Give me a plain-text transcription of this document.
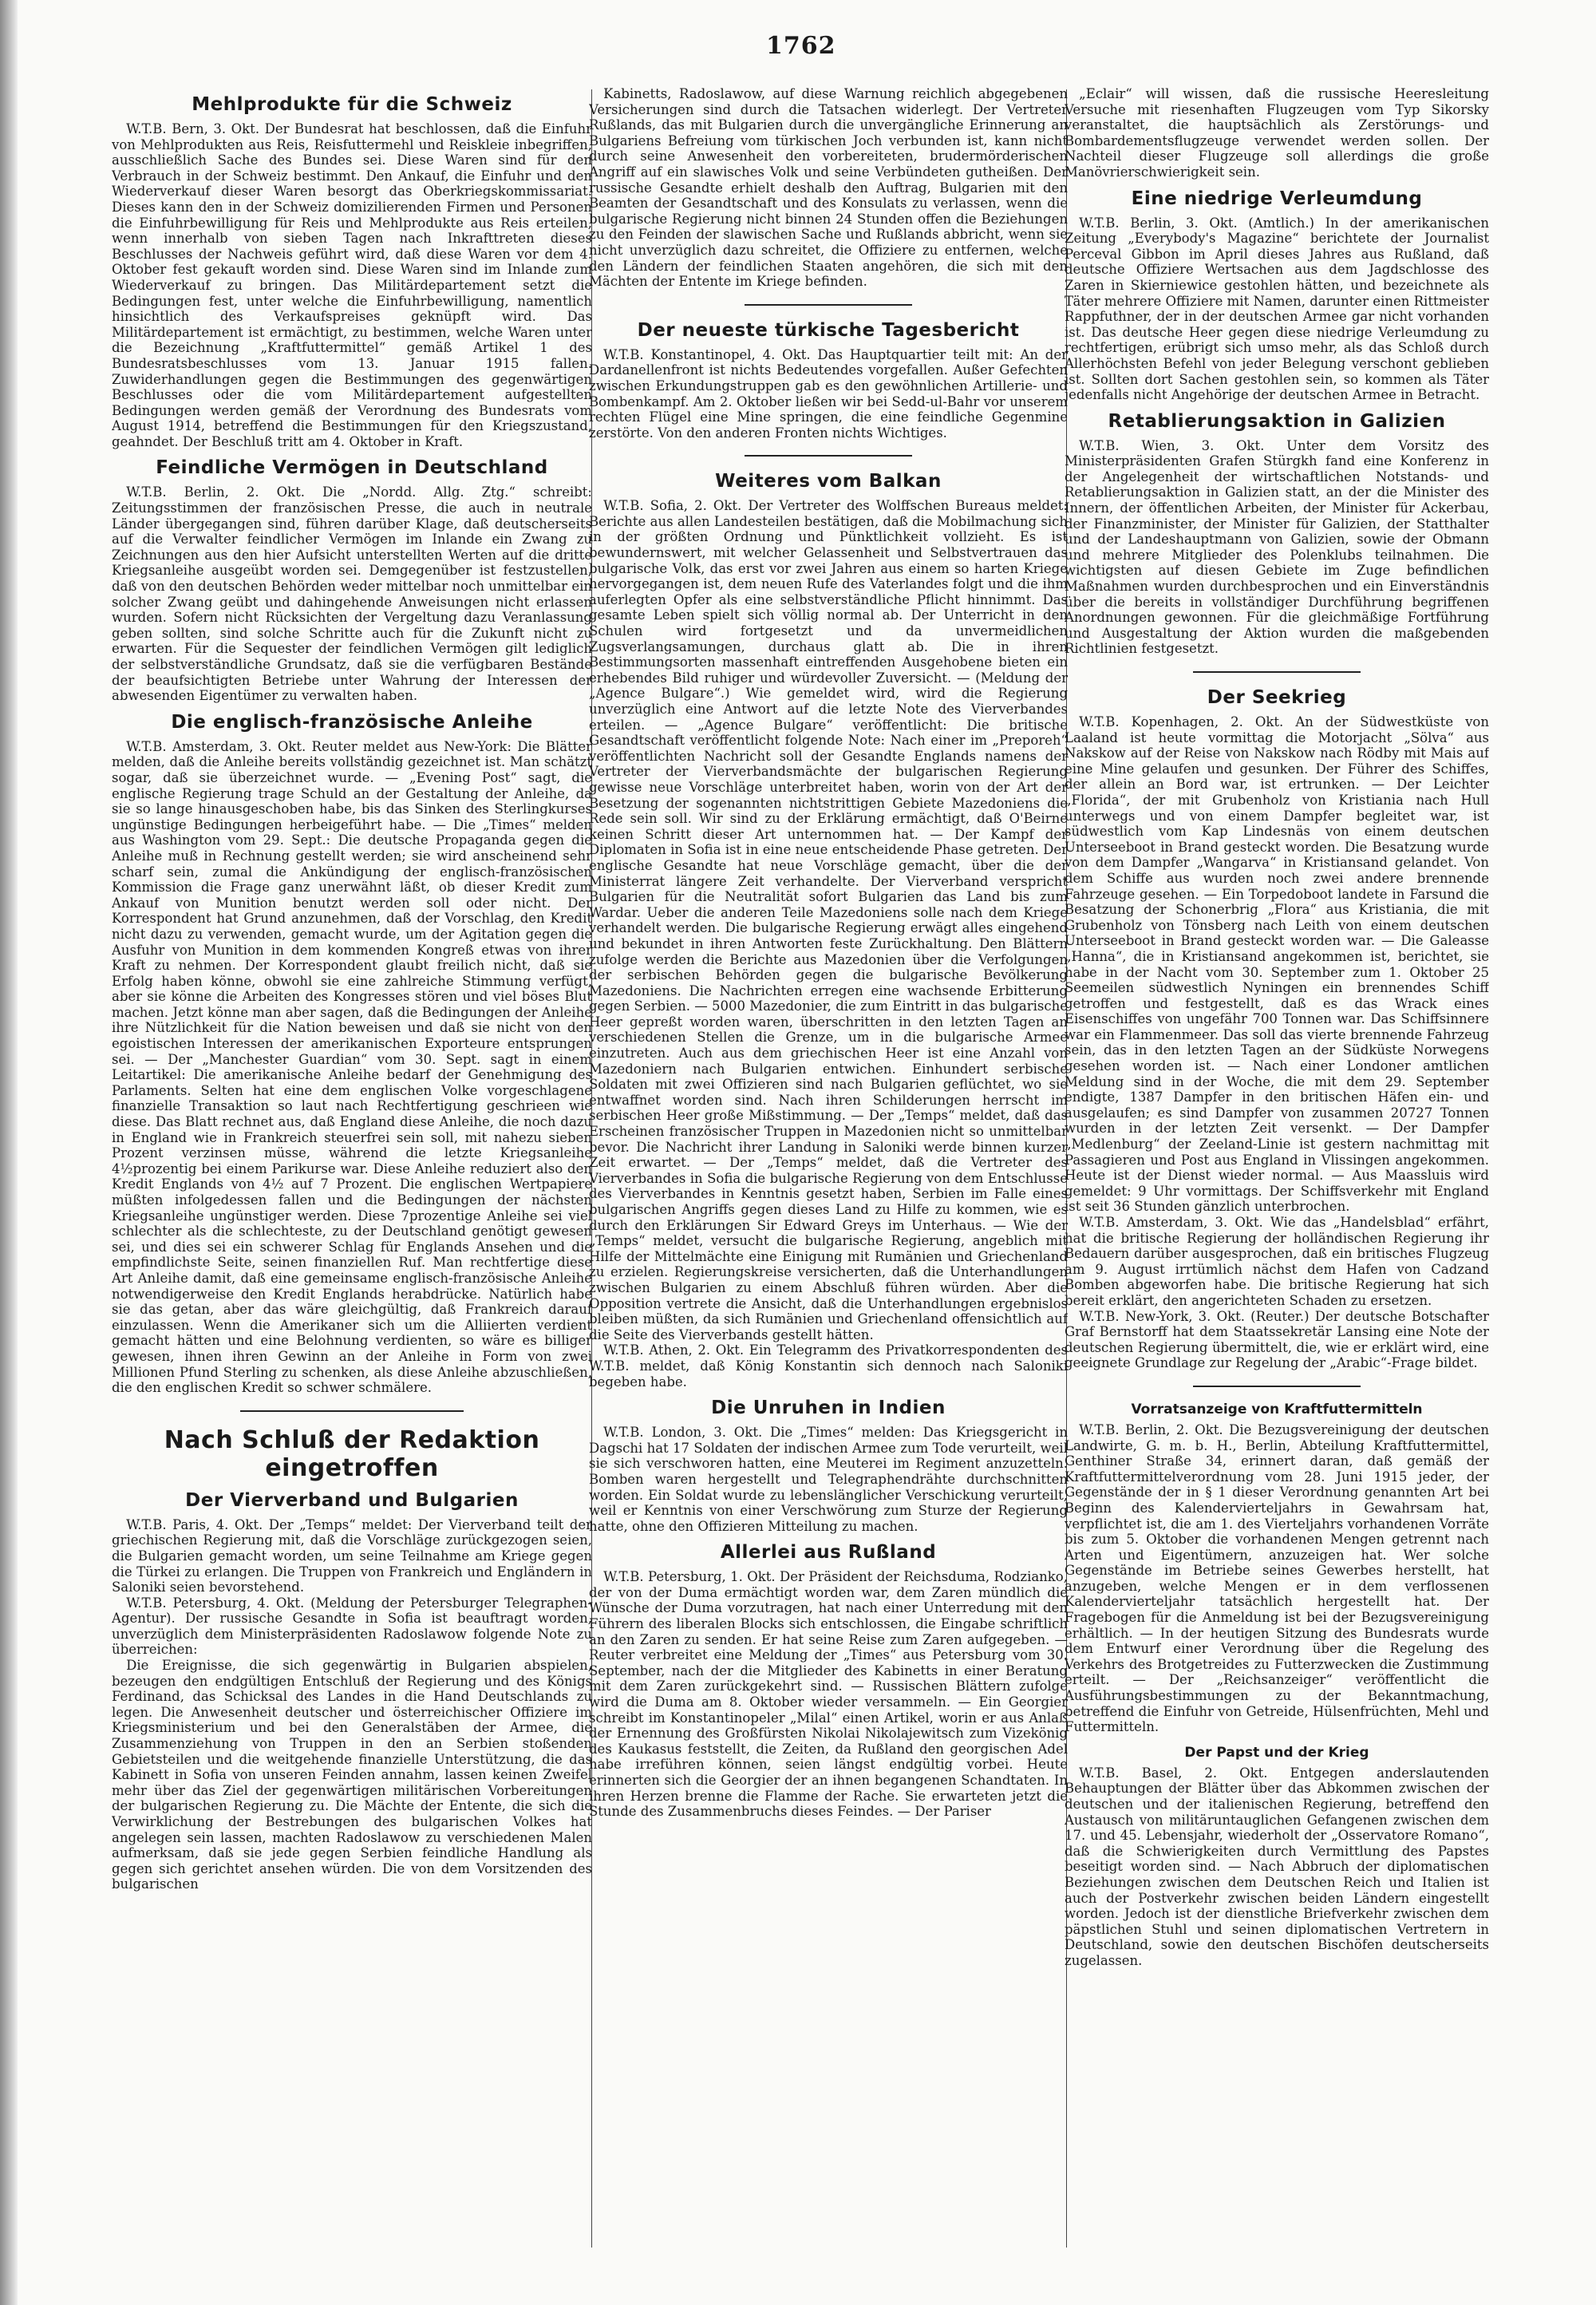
1762
Mehlprodukte für die Schweiz

W.T.B. Bern, 3. Okt. Der Bundesrat hat beschlossen, daß die Einfuhr von Mehlprodukten aus Reis, Reisfuttermehl und Reiskleie inbegriffen, ausschließlich Sache des Bundes sei. Diese Waren sind für den Verbrauch in der Schweiz bestimmt. Den Ankauf, die Einfuhr und den Wiederverkauf dieser Waren besorgt das Oberkriegskommissariat. Dieses kann den in der Schweiz domizilierenden Firmen und Personen die Einfuhrbewilligung für Reis und Mehlprodukte aus Reis erteilen, wenn innerhalb von sieben Tagen nach Inkrafttreten dieses Beschlusses der Nachweis geführt wird, daß diese Waren vor dem 4. Oktober fest gekauft worden sind. Diese Waren sind im Inlande zum Wiederverkauf zu bringen. Das Militärdepartement setzt die Bedingungen fest, unter welche die Einfuhrbewilligung, namentlich hinsichtlich des Verkaufspreises geknüpft wird. Das Militärdepartement ist ermächtigt, zu bestimmen, welche Waren unter die Bezeichnung „Kraftfuttermittel“ gemäß Artikel 1 des Bundesratsbeschlusses vom 13. Januar 1915 fallen. Zuwiderhandlungen gegen die Bestimmungen des gegenwärtigen Beschlusses oder die vom Militärdepartement aufgestellten Bedingungen werden gemäß der Verordnung des Bundesrats vom August 1914, betreffend die Bestimmungen für den Kriegszustand, geahndet. Der Beschluß tritt am 4. Oktober in Kraft.

Feindliche Vermögen in Deutschland

W.T.B. Berlin, 2. Okt. Die „Nordd. Allg. Ztg.“ schreibt: Zeitungsstimmen der französischen Presse, die auch in neutrale Länder übergegangen sind, führen darüber Klage, daß deutscherseits auf die Verwalter feindlicher Vermögen im Inlande ein Zwang zu Zeichnungen aus den hier Aufsicht unterstellten Werten auf die dritte Kriegsanleihe ausgeübt worden sei. Demgegenüber ist festzustellen, daß von den deutschen Behörden weder mittelbar noch unmittelbar ein solcher Zwang geübt und dahingehende Anweisungen nicht erlassen wurden. Sofern nicht Rücksichten der Vergeltung dazu Veranlassung geben sollten, sind solche Schritte auch für die Zukunft nicht zu erwarten. Für die Sequester der feindlichen Vermögen gilt lediglich der selbstverständliche Grundsatz, daß sie die verfügbaren Bestände der beaufsichtigten Betriebe unter Wahrung der Interessen der abwesenden Eigentümer zu verwalten haben.

Die englisch-französische Anleihe

W.T.B. Amsterdam, 3. Okt. Reuter meldet aus New-York: Die Blätter melden, daß die Anleihe bereits vollständig gezeichnet ist. Man schätzt sogar, daß sie überzeichnet wurde. — „Evening Post“ sagt, die englische Regierung trage Schuld an der Gestaltung der Anleihe, da sie so lange hinausgeschoben habe, bis das Sinken des Sterlingkurses ungünstige Bedingungen herbeigeführt habe. — Die „Times“ melden aus Washington vom 29. Sept.: Die deutsche Propaganda gegen die Anleihe muß in Rechnung gestellt werden; sie wird anscheinend sehr scharf sein, zumal die Ankündigung der englisch-französischen Kommission die Frage ganz unerwähnt läßt, ob dieser Kredit zum Ankauf von Munition benutzt werden soll oder nicht. Der Korrespondent hat Grund anzunehmen, daß der Vorschlag, den Kredit nicht dazu zu verwenden, gemacht wurde, um der Agitation gegen die Ausfuhr von Munition in dem kommenden Kongreß etwas von ihrer Kraft zu nehmen. Der Korrespondent glaubt freilich nicht, daß sie Erfolg haben könne, obwohl sie eine zahlreiche Stimmung verfügt, aber sie könne die Arbeiten des Kongresses stören und viel böses Blut machen. Jetzt könne man aber sagen, daß die Bedingungen der Anleihe ihre Nützlichkeit für die Nation beweisen und daß sie nicht von den egoistischen Interessen der amerikanischen Exporteure entsprungen sei. — Der „Manchester Guardian“ vom 30. Sept. sagt in einem Leitartikel: Die amerikanische Anleihe bedarf der Genehmigung des Parlaments. Selten hat eine dem englischen Volke vorgeschlagene finanzielle Transaktion so laut nach Rechtfertigung geschrieen wie diese. Das Blatt rechnet aus, daß England diese Anleihe, die noch dazu in England wie in Frankreich steuerfrei sein soll, mit nahezu sieben Prozent verzinsen müsse, während die letzte Kriegsanleihe 4½prozentig bei einem Parikurse war. Diese Anleihe reduziert also den Kredit Englands von 4½ auf 7 Prozent. Die englischen Wertpapiere müßten infolgedessen fallen und die Bedingungen der nächsten Kriegsanleihe ungünstiger werden. Diese 7prozentige Anleihe sei viel schlechter als die schlechteste, zu der Deutschland genötigt gewesen sei, und dies sei ein schwerer Schlag für Englands Ansehen und die empfindlichste Seite, seinen finanziellen Ruf. Man rechtfertige diese Art Anleihe damit, daß eine gemeinsame englisch-französische Anleihe notwendigerweise den Kredit Englands herabdrücke. Natürlich habe sie das getan, aber das wäre gleichgültig, daß Frankreich darauf einzulassen. Wenn die Amerikaner sich um die Alliierten verdient gemacht hätten und eine Belohnung verdienten, so wäre es billiger gewesen, ihnen ihren Gewinn an der Anleihe in Form von zwei Millionen Pfund Sterling zu schenken, als diese Anleihe abzuschließen, die den englischen Kredit so schwer schmälere.

Nach Schluß der Redaktion eingetroffen
Der Vierverband und Bulgarien

W.T.B. Paris, 4. Okt. Der „Temps“ meldet: Der Vierverband teilt der griechischen Regierung mit, daß die Vorschläge zurückgezogen seien, die Bulgarien gemacht worden, um seine Teilnahme am Kriege gegen die Türkei zu erlangen. Die Truppen von Frankreich und Engländern in Saloniki seien bevorstehend.

W.T.B. Petersburg, 4. Okt. (Meldung der Petersburger Telegraphen-Agentur). Der russische Gesandte in Sofia ist beauftragt worden, unverzüglich dem Ministerpräsidenten Radoslawow folgende Note zu überreichen:

Die Ereignisse, die sich gegenwärtig in Bulgarien abspielen, bezeugen den endgültigen Entschluß der Regierung und des Königs Ferdinand, das Schicksal des Landes in die Hand Deutschlands zu legen. Die Anwesenheit deutscher und österreichischer Offiziere im Kriegsministerium und bei den Generalstäben der Armee, die Zusammenziehung von Truppen in den an Serbien stoßenden Gebietsteilen und die weitgehende finanzielle Unterstützung, die das Kabinett in Sofia von unseren Feinden annahm, lassen keinen Zweifel mehr über das Ziel der gegenwärtigen militärischen Vorbereitungen der bulgarischen Regierung zu. Die Mächte der Entente, die sich die Verwirklichung der Bestrebungen des bulgarischen Volkes hat angelegen sein lassen, machten Radoslawow zu verschiedenen Malen aufmerksam, daß sie jede gegen Serbien feindliche Handlung als gegen sich gerichtet ansehen würden. Die von dem Vorsitzenden des bulgarischen

Kabinetts, Radoslawow, auf diese Warnung reichlich abgegebenen Versicherungen sind durch die Tatsachen widerlegt. Der Vertreter Rußlands, das mit Bulgarien durch die unvergängliche Erinnerung an Bulgariens Befreiung vom türkischen Joch verbunden ist, kann nicht durch seine Anwesenheit den vorbereiteten, brudermörderischen Angriff auf ein slawisches Volk und seine Verbündeten gutheißen. Der russische Gesandte erhielt deshalb den Auftrag, Bulgarien mit den Beamten der Gesandtschaft und des Konsulats zu verlassen, wenn die bulgarische Regierung nicht binnen 24 Stunden offen die Beziehungen zu den Feinden der slawischen Sache und Rußlands abbricht, wenn sie nicht unverzüglich dazu schreitet, die Offiziere zu entfernen, welche den Ländern der feindlichen Staaten angehören, die sich mit den Mächten der Entente im Kriege befinden.

Der neueste türkische Tagesbericht

W.T.B. Konstantinopel, 4. Okt. Das Hauptquartier teilt mit: An der Dardanellenfront ist nichts Bedeutendes vorgefallen. Außer Gefechten zwischen Erkundungstruppen gab es den gewöhnlichen Artillerie- und Bombenkampf. Am 2. Oktober ließen wir bei Sedd-ul-Bahr vor unserem rechten Flügel eine Mine springen, die eine feindliche Gegenmine zerstörte. Von den anderen Fronten nichts Wichtiges.

Weiteres vom Balkan

W.T.B. Sofia, 2. Okt. Der Vertreter des Wolffschen Bureaus meldet: Berichte aus allen Landesteilen bestätigen, daß die Mobilmachung sich in der größten Ordnung und Pünktlichkeit vollzieht. Es ist bewundernswert, mit welcher Gelassenheit und Selbstvertrauen das bulgarische Volk, das erst vor zwei Jahren aus einem so harten Kriege hervorgegangen ist, dem neuen Rufe des Vaterlandes folgt und die ihm auferlegten Opfer als eine selbstverständliche Pflicht hinnimmt. Das gesamte Leben spielt sich völlig normal ab. Der Unterricht in den Schulen wird fortgesetzt und da unvermeidlichen Zugsverlangsamungen, durchaus glatt ab. Die in ihren Bestimmungsorten massenhaft eintreffenden Ausgehobene bieten ein erhebendes Bild ruhiger und würdevoller Zuversicht. — (Meldung der „Agence Bulgare“.) Wie gemeldet wird, wird die Regierung unverzüglich eine Antwort auf die letzte Note des Vierverbandes erteilen. — „Agence Bulgare“ veröffentlicht: Die britische Gesandtschaft veröffentlicht folgende Note: Nach einer im „Preporeh“ veröffentlichten Nachricht soll der Gesandte Englands namens der Vertreter der Vierverbandsmächte der bulgarischen Regierung gewisse neue Vorschläge unterbreitet haben, worin von der Art der Besetzung der sogenannten nichtstrittigen Gebiete Mazedoniens die Rede sein soll. Wir sind zu der Erklärung ermächtigt, daß O'Beirne keinen Schritt dieser Art unternommen hat. — Der Kampf der Diplomaten in Sofia ist in eine neue entscheidende Phase getreten. Der englische Gesandte hat neue Vorschläge gemacht, über die der Ministerrat längere Zeit verhandelte. Der Vierverband verspricht Bulgarien für die Neutralität sofort Bulgarien das Land bis zum Wardar. Ueber die anderen Teile Mazedoniens solle nach dem Kriege verhandelt werden. Die bulgarische Regierung erwägt alles eingehend und bekundet in ihren Antworten feste Zurückhaltung. Den Blättern zufolge werden die Berichte aus Mazedonien über die Verfolgungen der serbischen Behörden gegen die bulgarische Bevölkerung Mazedoniens. Die Nachrichten erregen eine wachsende Erbitterung gegen Serbien. — 5000 Mazedonier, die zum Eintritt in das bulgarische Heer gepreßt worden waren, überschritten in den letzten Tagen an verschiedenen Stellen die Grenze, um in die bulgarische Armee einzutreten. Auch aus dem griechischen Heer ist eine Anzahl von Mazedoniern nach Bulgarien entwichen. Einhundert serbische Soldaten mit zwei Offizieren sind nach Bulgarien geflüchtet, wo sie entwaffnet worden sind. Nach ihren Schilderungen herrscht im serbischen Heer große Mißstimmung. — Der „Temps“ meldet, daß das Erscheinen französischer Truppen in Mazedonien nicht so unmittelbar bevor. Die Nachricht ihrer Landung in Saloniki werde binnen kurzer Zeit erwartet. — Der „Temps“ meldet, daß die Vertreter des Vierverbandes in Sofia die bulgarische Regierung von dem Entschlusse des Vierverbandes in Kenntnis gesetzt haben, Serbien im Falle eines bulgarischen Angriffs gegen dieses Land zu Hilfe zu kommen, wie es durch den Erklärungen Sir Edward Greys im Unterhaus. — Wie der „Temps“ meldet, versucht die bulgarische Regierung, angeblich mit Hilfe der Mittelmächte eine Einigung mit Rumänien und Griechenland zu erzielen. Regierungskreise versicherten, daß die Unterhandlungen zwischen Bulgarien zu einem Abschluß führen würden. Aber die Opposition vertrete die Ansicht, daß die Unterhandlungen ergebnislos bleiben müßten, da sich Rumänien und Griechenland offensichtlich auf die Seite des Vierverbands gestellt hätten.

W.T.B. Athen, 2. Okt. Ein Telegramm des Privatkorrespondenten des W.T.B. meldet, daß König Konstantin sich dennoch nach Saloniki begeben habe.

Die Unruhen in Indien

W.T.B. London, 3. Okt. Die „Times“ melden: Das Kriegsgericht in Dagschi hat 17 Soldaten der indischen Armee zum Tode verurteilt, weil sie sich verschworen hatten, eine Meuterei im Regiment anzuzetteln. Bomben waren hergestellt und Telegraphendrähte durchschnitten worden. Ein Soldat wurde zu lebenslänglicher Verschickung verurteilt, weil er Kenntnis von einer Verschwörung zum Sturze der Regierung hatte, ohne den Offizieren Mitteilung zu machen.

Allerlei aus Rußland

W.T.B. Petersburg, 1. Okt. Der Präsident der Reichsduma, Rodzianko, der von der Duma ermächtigt worden war, dem Zaren mündlich die Wünsche der Duma vorzutragen, hat nach einer Unterredung mit den Führern des liberalen Blocks sich entschlossen, die Eingabe schriftlich an den Zaren zu senden. Er hat seine Reise zum Zaren aufgegeben. — Reuter verbreitet eine Meldung der „Times“ aus Petersburg vom 30. September, nach der die Mitglieder des Kabinetts in einer Beratung mit dem Zaren zurückgekehrt sind. — Russischen Blättern zufolge wird die Duma am 8. Oktober wieder versammeln. — Ein Georgier schreibt im Konstantinopeler „Milal“ einen Artikel, worin er aus Anlaß der Ernennung des Großfürsten Nikolai Nikolajewitsch zum Vizekönig des Kaukasus feststellt, die Zeiten, da Rußland den georgischen Adel habe irreführen können, seien längst endgültig vorbei. Heute erinnerten sich die Georgier der an ihnen begangenen Schandtaten. In ihren Herzen brenne die Flamme der Rache. Sie erwarteten jetzt die Stunde des Zusammenbruchs dieses Feindes. — Der Pariser

„Eclair“ will wissen, daß die russische Heeresleitung Versuche mit riesenhaften Flugzeugen vom Typ Sikorsky veranstaltet, die hauptsächlich als Zerstörungs- und Bombardementsflugzeuge verwendet werden sollen. Der Nachteil dieser Flugzeuge soll allerdings die große Manövrierschwierigkeit sein.

Eine niedrige Verleumdung

W.T.B. Berlin, 3. Okt. (Amtlich.) In der amerikanischen Zeitung „Everybody's Magazine“ berichtete der Journalist Perceval Gibbon im April dieses Jahres aus Rußland, daß deutsche Offiziere Wertsachen aus dem Jagdschlosse des Zaren in Skierniewice gestohlen hätten, und bezeichnete als Täter mehrere Offiziere mit Namen, darunter einen Rittmeister Rappfuthner, der in der deutschen Armee gar nicht vorhanden ist. Das deutsche Heer gegen diese niedrige Verleumdung zu rechtfertigen, erübrigt sich umso mehr, als das Schloß durch Allerhöchsten Befehl von jeder Belegung verschont geblieben ist. Sollten dort Sachen gestohlen sein, so kommen als Täter jedenfalls nicht Angehörige der deutschen Armee in Betracht.

Retablierungsaktion in Galizien

W.T.B. Wien, 3. Okt. Unter dem Vorsitz des Ministerpräsidenten Grafen Stürgkh fand eine Konferenz in der Angelegenheit der wirtschaftlichen Notstands- und Retablierungsaktion in Galizien statt, an der die Minister des Innern, der öffentlichen Arbeiten, der Minister für Ackerbau, der Finanzminister, der Minister für Galizien, der Statthalter und der Landeshauptmann von Galizien, sowie der Obmann und mehrere Mitglieder des Polenklubs teilnahmen. Die wichtigsten auf diesen Gebiete im Zuge befindlichen Maßnahmen wurden durchbesprochen und ein Einverständnis über die bereits in vollständiger Durchführung begriffenen Anordnungen gewonnen. Für die gleichmäßige Fortführung und Ausgestaltung der Aktion wurden die maßgebenden Richtlinien festgesetzt.

Der Seekrieg

W.T.B. Kopenhagen, 2. Okt. An der Südwestküste von Laaland ist heute vormittag die Motorjacht „Sölva“ aus Nakskow auf der Reise von Nakskow nach Rödby mit Mais auf eine Mine gelaufen und gesunken. Der Führer des Schiffes, der allein an Bord war, ist ertrunken. — Der Leichter „Florida“, der mit Grubenholz von Kristiania nach Hull unterwegs und von einem Dampfer begleitet war, ist südwestlich vom Kap Lindesnäs von einem deutschen Unterseeboot in Brand gesteckt worden. Die Besatzung wurde von dem Dampfer „Wangarva“ in Kristiansand gelandet. Von dem Schiffe aus wurden noch zwei andere brennende Fahrzeuge gesehen. — Ein Torpedoboot landete in Farsund die Besatzung der Schonerbrig „Flora“ aus Kristiania, die mit Grubenholz von Tönsberg nach Leith von einem deutschen Unterseeboot in Brand gesteckt worden war. — Die Galeasse „Hanna“, die in Kristiansand angekommen ist, berichtet, sie habe in der Nacht vom 30. September zum 1. Oktober 25 Seemeilen südwestlich Nyningen ein brennendes Schiff getroffen und festgestellt, daß es das Wrack eines Eisenschiffes von ungefähr 700 Tonnen war. Das Schiffsinnere war ein Flammenmeer. Das soll das vierte brennende Fahrzeug sein, das in den letzten Tagen an der Südküste Norwegens gesehen worden ist. — Nach einer Londoner amtlichen Meldung sind in der Woche, die mit dem 29. September endigte, 1387 Dampfer in den britischen Häfen ein- und ausgelaufen; es sind Dampfer von zusammen 20727 Tonnen wurden in der letzten Zeit versenkt. — Der Dampfer „Medlenburg“ der Zeeland-Linie ist gestern nachmittag mit Passagieren und Post aus England in Vlissingen angekommen. Heute ist der Dienst wieder normal. — Aus Maassluis wird gemeldet: 9 Uhr vormittags. Der Schiffsverkehr mit England ist seit 36 Stunden gänzlich unterbrochen.

W.T.B. Amsterdam, 3. Okt. Wie das „Handelsblad“ erfährt, hat die britische Regierung der holländischen Regierung ihr Bedauern darüber ausgesprochen, daß ein britisches Flugzeug am 9. August irrtümlich nächst dem Hafen von Cadzand Bomben abgeworfen habe. Die britische Regierung hat sich bereit erklärt, den angerichteten Schaden zu ersetzen.

W.T.B. New-York, 3. Okt. (Reuter.) Der deutsche Botschafter Graf Bernstorff hat dem Staatssekretär Lansing eine Note der deutschen Regierung übermittelt, die, wie er erklärt wird, eine geeignete Grundlage zur Regelung der „Arabic“-Frage bildet.

Vorratsanzeige von Kraftfuttermitteln

W.T.B. Berlin, 2. Okt. Die Bezugsvereinigung der deutschen Landwirte, G. m. b. H., Berlin, Abteilung Kraftfuttermittel, Genthiner Straße 34, erinnert daran, daß gemäß der Kraftfuttermittelverordnung vom 28. Juni 1915 jeder, der Gegenstände der in § 1 dieser Verordnung genannten Art bei Beginn des Kalendervierteljahrs in Gewahrsam hat, verpflichtet ist, die am 1. des Vierteljahrs vorhandenen Vorräte bis zum 5. Oktober die vorhandenen Mengen getrennt nach Arten und Eigentümern, anzuzeigen hat. Wer solche Gegenstände im Betriebe seines Gewerbes herstellt, hat anzugeben, welche Mengen er in dem verflossenen Kalendervierteljahr tatsächlich hergestellt hat. Der Fragebogen für die Anmeldung ist bei der Bezugsvereinigung erhältlich. — In der heutigen Sitzung des Bundesrats wurde dem Entwurf einer Verordnung über die Regelung des Verkehrs des Brotgetreides zu Futterzwecken die Zustimmung erteilt. — Der „Reichsanzeiger“ veröffentlicht die Ausführungsbestimmungen zu der Bekanntmachung, betreffend die Einfuhr von Getreide, Hülsenfrüchten, Mehl und Futtermitteln.

Der Papst und der Krieg

W.T.B. Basel, 2. Okt. Entgegen anderslautenden Behauptungen der Blätter über das Abkommen zwischen der deutschen und der italienischen Regierung, betreffend den Austausch von militäruntauglichen Gefangenen zwischen dem 17. und 45. Lebensjahr, wiederholt der „Osservatore Romano“, daß die Schwierigkeiten durch Vermittlung des Papstes beseitigt worden sind. — Nach Abbruch der diplomatischen Beziehungen zwischen dem Deutschen Reich und Italien ist auch der Postverkehr zwischen beiden Ländern eingestellt worden. Jedoch ist der dienstliche Briefverkehr zwischen dem päpstlichen Stuhl und seinen diplomatischen Vertretern in Deutschland, sowie den deutschen Bischöfen deutscherseits zugelassen.
